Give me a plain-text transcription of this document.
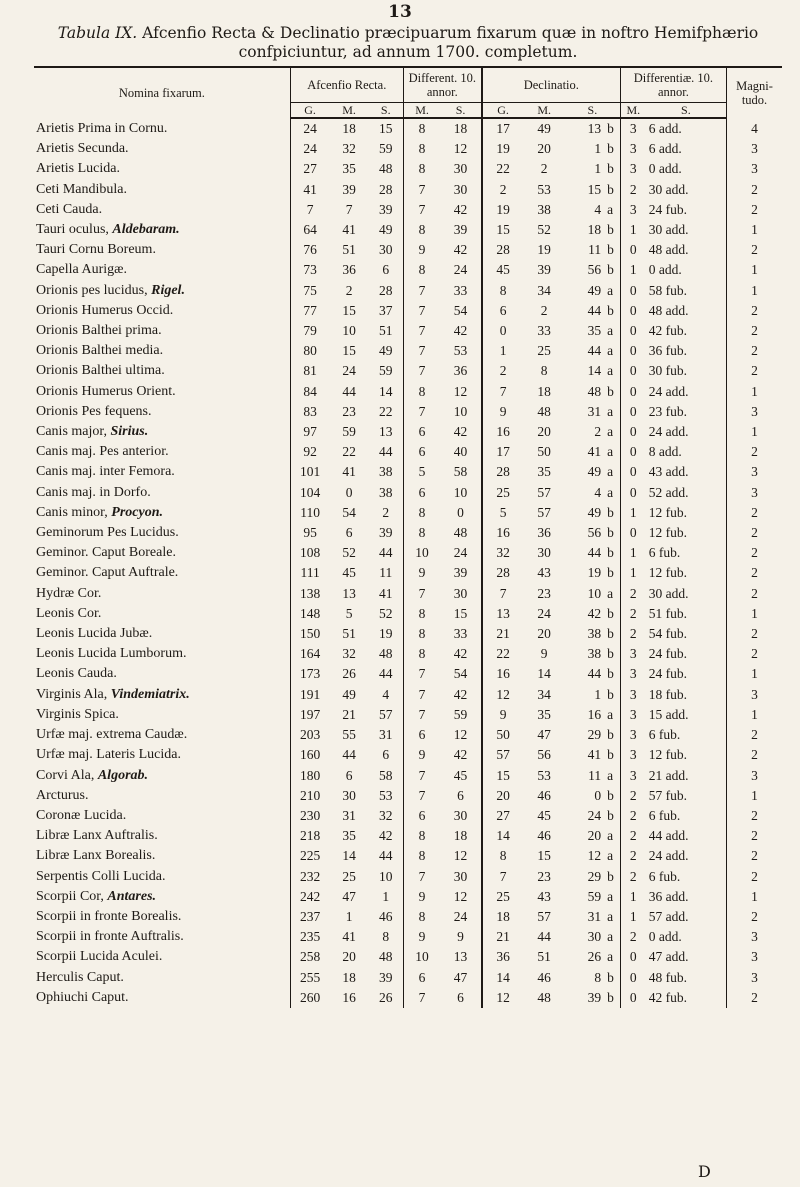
13
Tabula IX. Afcenfio Recta & Declinatio præcipuarum fixarum quæ in noftro Hemifphærio
confpiciuntur, ad annum 1700. completum.
Nomina fixarum.	Afcenfio Recta.			Different. 10. annor.		Declinatio.				Differentiæ. 10. annor.		Magni-tudo.
	G.	M.	S.	M.	S.	G.	M.	S.		M.	S.	
Arietis Prima in Cornu.	24	18	15	8	18	17	49	13	b	3	6 add.	4
Arietis Secunda.	24	32	59	8	12	19	20	1	b	3	6 add.	3
Arietis Lucida.	27	35	48	8	30	22	2	1	b	3	0 add.	3
Ceti Mandibula.	41	39	28	7	30	2	53	15	b	2	30 add.	2
Ceti Cauda.	7	7	39	7	42	19	38	4	a	3	24 fub.	2
Tauri oculus, Aldebaram.	64	41	49	8	39	15	52	18	b	1	30 add.	1
Tauri Cornu Boreum.	76	51	30	9	42	28	19	11	b	0	48 add.	2
Capella Aurigæ.	73	36	6	8	24	45	39	56	b	1	0 add.	1
Orionis pes lucidus, Rigel.	75	2	28	7	33	8	34	49	a	0	58 fub.	1
Orionis Humerus Occid.	77	15	37	7	54	6	2	44	b	0	48 add.	2
Orionis Balthei prima.	79	10	51	7	42	0	33	35	a	0	42 fub.	2
Orionis Balthei media.	80	15	49	7	53	1	25	44	a	0	36 fub.	2
Orionis Balthei ultima.	81	24	59	7	36	2	8	14	a	0	30 fub.	2
Orionis Humerus Orient.	84	44	14	8	12	7	18	48	b	0	24 add.	1
Orionis Pes fequens.	83	23	22	7	10	9	48	31	a	0	23 fub.	3
Canis major, Sirius.	97	59	13	6	42	16	20	2	a	0	24 add.	1
Canis maj. Pes anterior.	92	22	44	6	40	17	50	41	a	0	8 add.	2
Canis maj. inter Femora.	101	41	38	5	58	28	35	49	a	0	43 add.	3
Canis maj. in Dorfo.	104	0	38	6	10	25	57	4	a	0	52 add.	3
Canis minor, Procyon.	110	54	2	8	0	5	57	49	b	1	12 fub.	2
Geminorum Pes Lucidus.	95	6	39	8	48	16	36	56	b	0	12 fub.	2
Geminor. Caput Boreale.	108	52	44	10	24	32	30	44	b	1	6 fub.	2
Geminor. Caput Auftrale.	111	45	11	9	39	28	43	19	b	1	12 fub.	2
Hydræ Cor.	138	13	41	7	30	7	23	10	a	2	30 add.	2
Leonis Cor.	148	5	52	8	15	13	24	42	b	2	51 fub.	1
Leonis Lucida Jubæ.	150	51	19	8	33	21	20	38	b	2	54 fub.	2
Leonis Lucida Lumborum.	164	32	48	8	42	22	9	38	b	3	24 fub.	2
Leonis Cauda.	173	26	44	7	54	16	14	44	b	3	24 fub.	1
Virginis Ala, Vindemiatrix.	191	49	4	7	42	12	34	1	b	3	18 fub.	3
Virginis Spica.	197	21	57	7	59	9	35	16	a	3	15 add.	1
Urfæ maj. extrema Caudæ.	203	55	31	6	12	50	47	29	b	3	6 fub.	2
Urfæ maj. Lateris Lucida.	160	44	6	9	42	57	56	41	b	3	12 fub.	2
Corvi Ala, Algorab.	180	6	58	7	45	15	53	11	a	3	21 add.	3
Arcturus.	210	30	53	7	6	20	46	0	b	2	57 fub.	1
Coronæ Lucida.	230	31	32	6	30	27	45	24	b	2	6 fub.	2
Libræ Lanx Auftralis.	218	35	42	8	18	14	46	20	a	2	44 add.	2
Libræ Lanx Borealis.	225	14	44	8	12	8	15	12	a	2	24 add.	2
Serpentis Colli Lucida.	232	25	10	7	30	7	23	29	b	2	6 fub.	2
Scorpii Cor, Antares.	242	47	1	9	12	25	43	59	a	1	36 add.	1
Scorpii in fronte Borealis.	237	1	46	8	24	18	57	31	a	1	57 add.	2
Scorpii in fronte Auftralis.	235	41	8	9	9	21	44	30	a	2	0 add.	3
Scorpii Lucida Aculei.	258	20	48	10	13	36	51	26	a	0	47 add.	3
Herculis Caput.	255	18	39	6	47	14	46	8	b	0	48 fub.	3
Ophiuchi Caput.	260	16	26	7	6	12	48	39	b	0	42 fub.	2
D
